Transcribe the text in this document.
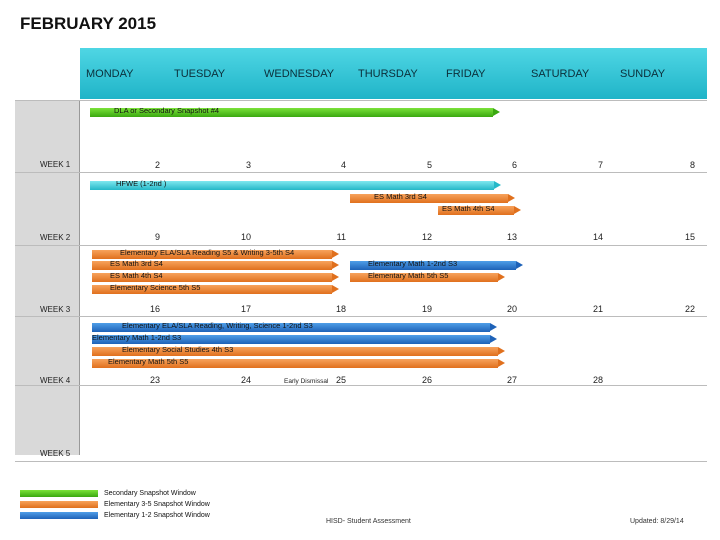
FEBRUARY 2015
MONDAY	TUESDAY	WEDNESDAY THURSDAY	FRIDAY	SATURDAY	SUNDAY
WEEK 1
WEEK 2
WEEK 3
WEEK 4
WEEK 5
DLA or Secondary Snapshot #4
2	3	4	5	6	7	8
HFWE (1-2nd )
ES Math 3rd S4
ES Math 4th S4
9	10	11	12	13	14	15
Elementary ELA/SLA Reading S5 & Writing 3-5th S4
ES Math 3rd S4
ES Math 4th S4
Elementary Science 5th S5
Elementary Math 1-2nd S3
Elementary Math 5th S5
16	17	18	19	20	21	22
Elementary ELA/SLA Reading, Writing, Science 1-2nd S3
Elementary Math 1-2nd S3
Elementary Social Studies 4th S3
Elementary Math 5th S5
23	24	Early Dismissal 25	26	27	28
Secondary Snapshot Window
Elementary 3-5 Snapshot Window
Elementary 1-2 Snapshot Window
HISD- Student Assessment	Updated: 8/29/14
